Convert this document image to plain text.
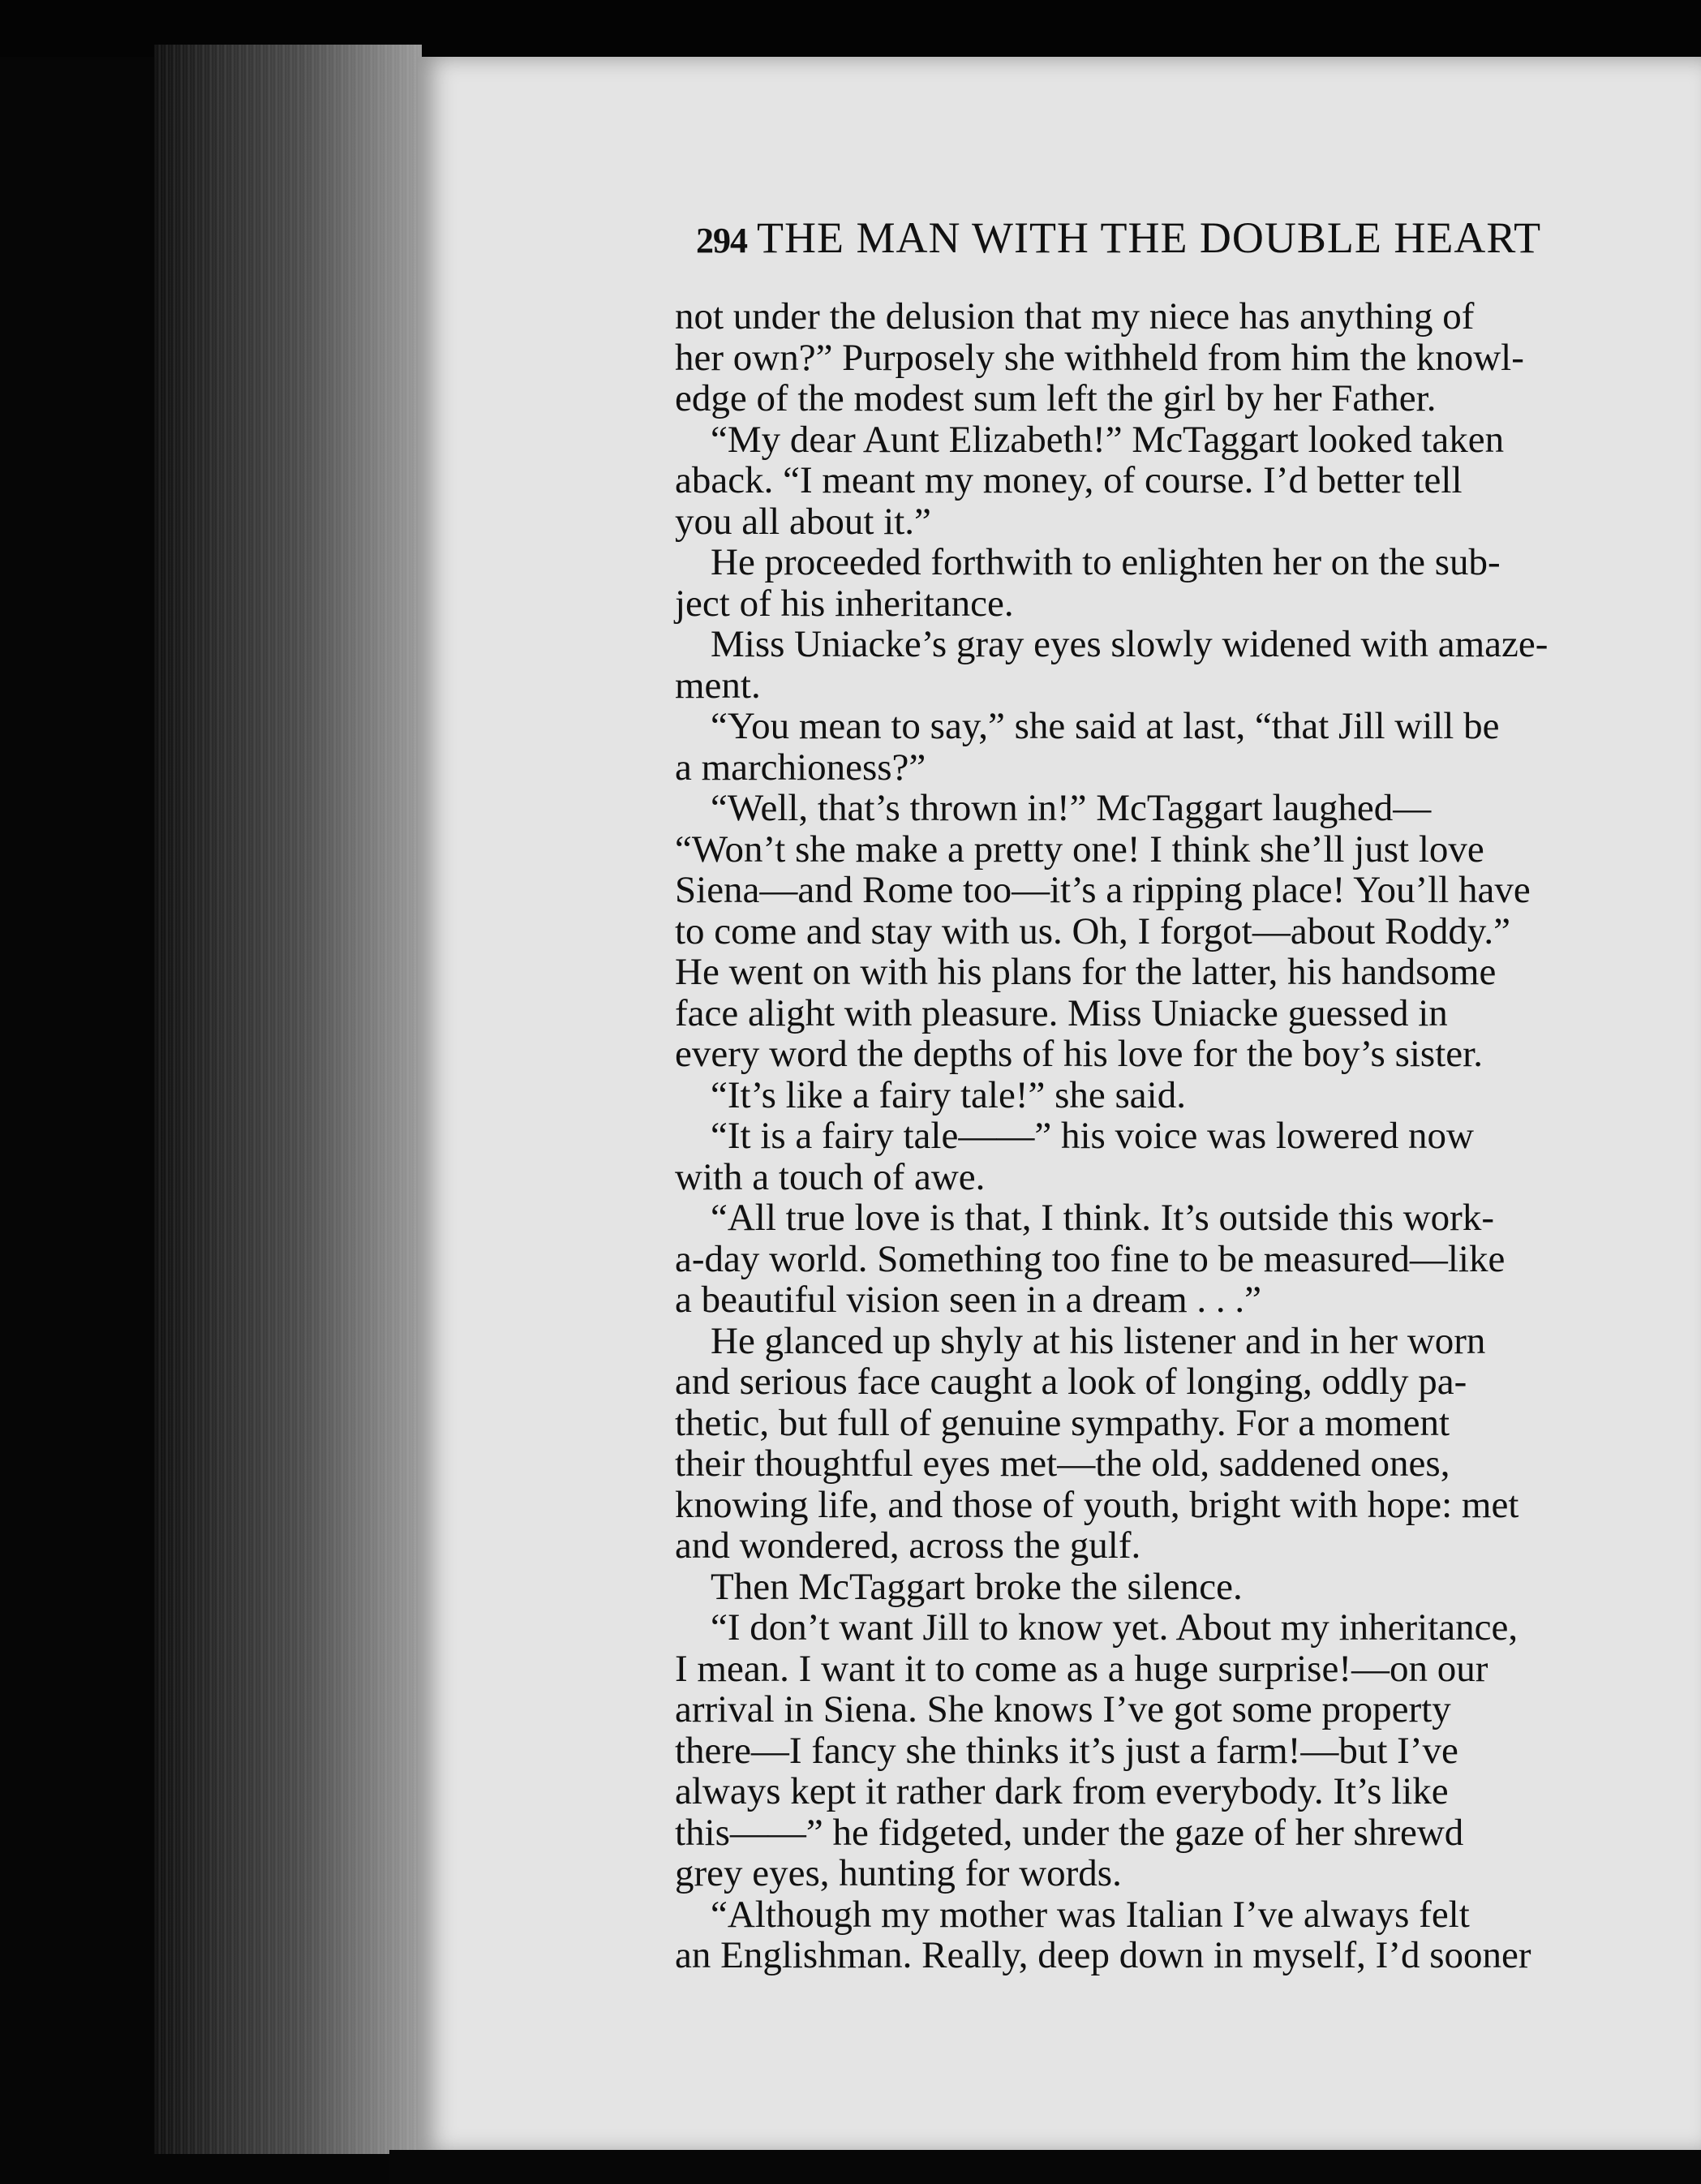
294 THE MAN WITH THE DOUBLE HEART
not under the delusion that my niece has anything of
her own?” Purposely she withheld from him the knowl-
edge of the modest sum left the girl by her Father.
“My dear Aunt Elizabeth!” McTaggart looked taken
aback. “I meant my money, of course. I’d better tell
you all about it.”
He proceeded forthwith to enlighten her on the sub-
ject of his inheritance.
Miss Uniacke’s gray eyes slowly widened with amaze-
ment.
“You mean to say,” she said at last, “that Jill will be
a marchioness?”
“Well, that’s thrown in!” McTaggart laughed—
“Won’t she make a pretty one! I think she’ll just love
Siena—and Rome too—it’s a ripping place! You’ll have
to come and stay with us. Oh, I forgot—about Roddy.”
He went on with his plans for the latter, his handsome
face alight with pleasure. Miss Uniacke guessed in
every word the depths of his love for the boy’s sister.
“It’s like a fairy tale!” she said.
“It is a fairy tale——” his voice was lowered now
with a touch of awe.
“All true love is that, I think. It’s outside this work-
a-day world. Something too fine to be measured—like
a beautiful vision seen in a dream . . .”
He glanced up shyly at his listener and in her worn
and serious face caught a look of longing, oddly pa-
thetic, but full of genuine sympathy. For a moment
their thoughtful eyes met—the old, saddened ones,
knowing life, and those of youth, bright with hope: met
and wondered, across the gulf.
Then McTaggart broke the silence.
“I don’t want Jill to know yet. About my inheritance,
I mean. I want it to come as a huge surprise!—on our
arrival in Siena. She knows I’ve got some property
there—I fancy she thinks it’s just a farm!—but I’ve
always kept it rather dark from everybody. It’s like
this——” he fidgeted, under the gaze of her shrewd
grey eyes, hunting for words.
“Although my mother was Italian I’ve always felt
an Englishman. Really, deep down in myself, I’d sooner
